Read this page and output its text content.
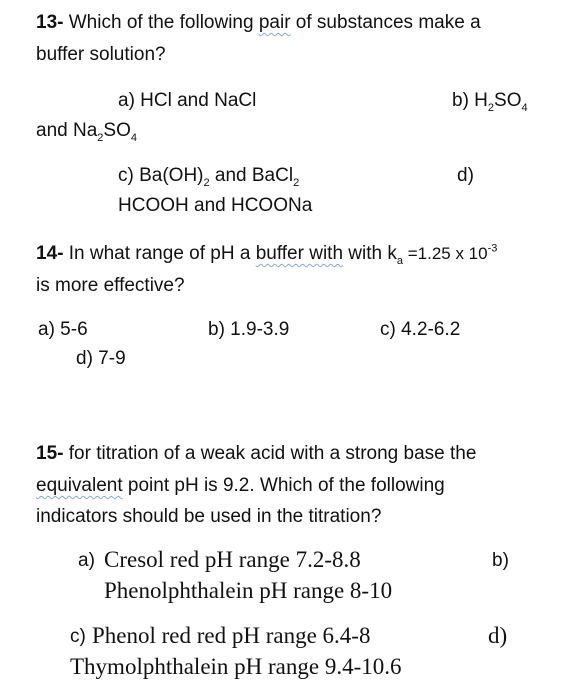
13- Which of the following pair of substances make a
buffer solution?
a) HCl and NaCl	b) $H_2SO_4$
and $Na_2SO_4$
c) $Ba(OH)_2$ and BaCl$_2$	d)
HCOOH and HCOONa
14- In what range of pH a buffer with with $k_a =1.25$ x $10^{-3}$
is more effective?
a) 5-6	b) 1.9-3.9	c) 4.2-6.2
d) 7-9
15- for titration of a weak acid with a strong base the
equivalent point pH is 9.2. Which of the following
indicators should be used in the titration?
a) Cresol red pH range 7.2-8.8	b)
Phenolphthalein pH range 8-10
c) Phenol red red pH range 6.4-8	d)
Thymolphthalein pH range 9.4-10.6
